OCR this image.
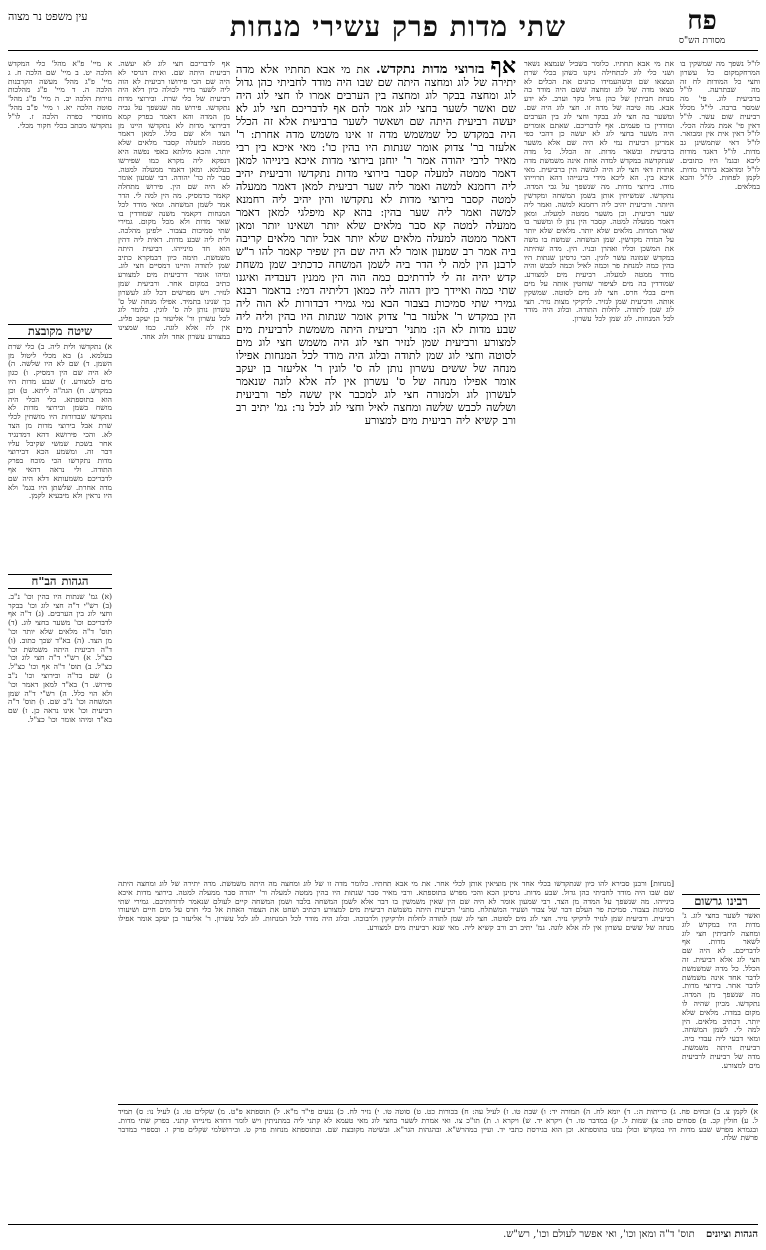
פח
מסורת הש"ס
שתי מדות פרק עשירי מנחות
עין משפט נר מצוה
אף בזרוצי מדות נתקדש. את מי אבא תחתיו אלא מדה יתירה של לוג ומחצה היתה שם שבו היה מודד לחביתי כהן גדול לוג ומחצה בבקר לוג ומחצה בין הערבים אמרו לו חצי לוג היה שם ואשר לשער בחצי לוג אמר להם אף לדבריכם חצי לוג לא יעשה רביעית היתה שם ושאשר לשער ברביעית אלא זה הכלל היה במקדש כל שמשמש מדה זו אינו משמש מדה אחרת: ר' אלעזר בר' צדוק אומר שנתות היו בהין כו': מאי איכא בין רבי מאיר לרבי יהודה אמר ר' יוחנן בירוצי מדות איכא בינייהו למאן דאמר ממטה למעלה קסבר בירוצי מדות נתקדשו ורביעית יהיב ליה רחמנא למשה ואמר ליה שער רביעית למאן דאמר ממעלה למטה קסבר בירוצי מדות לא נתקדשו והין יהיב ליה רחמנא למשה ואמר ליה שער בהין: בהא קא מיפלגי למאן דאמר ממעלה למטה קא סבר מלאים שלא יותר ושאינו יותר ומאן דאמר ממטה למעלה מלאים שלא יותר אבל יותר מלאים קריבה ביה אמר רב שמעון אומר לא היה שם הין שפיר קאמר להו ר"ש לרבנן הין למה לי הדר ביה לשמן המשחה כדכתיב שמן משחת קדש יהיה זה לי לדרתיכם כמה הוה הין ממנין דעבדיה ואיגנו שתי כמה ואיידך כיון דהוה ליה כמאן דליתיה דמי: בדאמר רבנא גמירי שתי סמיכות בצבור הבא נמי גמירי דבדורות לא הוה ליה הין במקדש ר' אלעזר בר' צדוק אומר שנתות היו בהין וליה ליה שבע מדות לא הן: מתני' רביעית היתה משמשת לרביעית מים למצורע ורביעית שמן לנזיר חצי לוג היה משמש חצי לוג מים לסוטה וחצי לוג שמן לתודה ובלוג היה מודד לכל המנחות אפילו מנחה של ששים עשרון נותן לה ס' לוגין ר' אליעזר בן יעקב אומר אפילו מנחה של ס' עשרון אין לה אלא לוגה שנאמר לעשרון לוג ולמנורה חצי לוג למכבר אין ששה לפר ורביעית ושלשה לכבש שלשה ומחצה לאיל וחצי לוג לכל נר: גמ' יתיב רב ורב קשיא ליה רביעית מים למצורע
את מי אבא תחתיו. כלומר בשביל שנמצא נשאר ושני כלי לוג לכתחילה ניקנו כשהן בכלי שרת ונמצאו שם וכשהעמידו כהנים את הכלים לא מצאו מדה של לוג ומחצה ששם היה מודד בה מנחת חביתין של כהן גדול בקר וערב. לא ידע אבא. מה טיבה של מדה זו. חצי לוג היה שם. ומשער בה חצי לוג בבקר וחצי לוג בין הערבים ומודדין בו פעמים. אף לדבריכם. שאתם אומרים היה משער בחצי לוג לא יעשה כן דהכי כפי אמרינן רביעית נמי לא היה שם אלא משער ברביעית ובשאר מדות. זה הכלל. כל מדה שנתקדשה במקדש למדה אחת אינה משמשת מדה אחרת דאי חצי לוג היה למשה הין ברביעית. מאי איכא בין. הא ליכא מידי ביננייהו דהא תרוייהו מודו. בירוצי מדות. מה שנשפך על גבי המדה. נתקדשו. שמשיחין אותן בשמן המשחה ומקדשין היותר. ורביעית יהיב ליה רחמנא למשה. ואמר ליה שער רביעית. וכן משער ממטה למעלה. ומאן דאמר ממעלה למטה. קסבר הין נתן לו ומשער בו שאר המדות. מלאים שלא יותר. מלאים שלא יותר על המדה מקדשין. שמן המשחה. שמשח בו משה את המשכן וכליו ואהרן ובניו. הין. מדה שהיתה במקדש שמונה עשר לוגין. הכי גרסינן שנתות היו בהין כמה למנחת פר וכמה לאיל וכמה לכבש והיה מודד ממטה למעלה. רביעית מים למצורע. שמודדין בה מים לציפור שוחטין אותה על מים חיים בכלי חרס. חצי לוג מים לסוטה. שמשקין אותה. ורביעית שמן לנזיר. לרקיקי מצות נזיר. חצי לוג שמן לתודה. לחלות התודה. ובלוג היה מודד לכל המנחות. לוג שמן לכל עשרון.
אף לדבריכם חצי לוג לא יעשה. רביעית היתה שם. ואית דגרסי לא היה שם הכי פירושו רביעית לא הוה ליה לשער מידי לכולה כיון דלא היה רביעית של כלי שרת. ובירוצי מדות נתקדשו. פירוש מה שנשפך על גביה מן המדה והא דאמר בפרק קמא דבירוצי מדות לא נתקדשו היינו מן הצד ולא שם כלל. למאן דאמר ממטה למעלה קסבר מלאים שלא יותר. והכא מילתא באפי נפשה היא דנפקא ליה מקרא כמו שפירשו בעלמא. ומאן דאמר ממעלה למטה. סבר לה כר' יהודה. רבי שמעון אומר לא היה שם הין. פירוש מתחלה קאמר כדמסיק. מה הין למה לי. הדר אמר לשמן המשחה. ומאי מודד לכל המנחות דקאמר משנה שמודדין בו שאר מדות ולא מכל מקום. גמירי שתי סמיכות בצבור. ילפינן מהלכה. ולית ליה שבע מדות. דאית ליה דהין הוא חד מינייהו. רביעית היתה משמשת. תימה כיון דבמקרא כתיב שמן לתודה והיינו דמסיים חצי לוג. ומיהו אומר דרביעית מים למצורע כתיב במקום אחר. ורביעית שמן לנזיר. ויש מפרשים דכל לוג לעשרון כך שנינו בתמיד. אפילו מנחה של ס' עשרון נותן לה ס' לוגין. כלומר לוג לכל עשרון ור' אליעזר בן יעקב פליג. אין לה אלא לוגה. כמו שמצינו במצורע עשרון אחד ולוג אחד.
לו"ל נשפך מה שמשקין בו המרחקמקום כל עשרון וחצי כל המודות לח זה מה שבתרעה. לו"ל ברביעית לוג. פי' מה שמסר ברבה. לי"ל מכלל רביעית שום עשר. לו"ל דאין פי' אמת מגלה הכלי. לו"ל דאין אית אין ומבואר. לו"ל דאי שתמשינן גב מדות. לו"ל דאגד מודות ליכא ובגמ' היו כתובים. לו"ל ומדאבא ביותר מדות. לקמן לפחות. לו"ל והכא במלאים.
א מיי' פ"א מהל' כלי המקדש הלכה יט. ב מיי' שם הלכה ח. ג מיי' פ"ג מהל' מעשה הקרבנות הלכה ה. ד מיי' פ"ג מהלכות נזירות הלכה יב. ה מיי' פ"ג מהל' סוטה הלכה יא. ו מיי' פ"ב מהל' מחוסרי כפרה הלכה ז. לו"ל נתקדשו מכתב בכלי חקור מכלי.
שיטה מקובצת
א) נתקדשו ולית ליה. ב) כלי שרת בעלמא. ג) בא מכלי ליטול מן השמן. ד) שם לא היו שלשה. ה) לא היה שם הין דמסיק. ו) כגון מים למצורע. ז) שבע מדות היו במקדש. ח) הגה"ה ליתא. ט) וכן הוא בתוספתא. כלי הכלי היה מושח בשמן ובירוצי מדות לא נתקדשו שבדורות היו מושחין לכלי שרת אבל בירוצי מדות מן הצד לא. והכי פירושא דהא דמדנגיד אחר בשכת שמשי שקיבל עליו דבר זה. ומשמע הכא דבירוצי מדות נתקדשו הכי מוכח בפרק התודה. ולי נראה דהאי אף לדבריכם משמעותא דלא היה שם מדה אחרת. שלשתן היו בגמ' ולא היו נראין ולא מיבעיא לקמן.
הגהות הב"ח
(א) גמ' שנתות היו בהין וכו' נ"ב. (ב) רש"י ד"ה חצי לוג וכו' בבקר וחצי לוג בין הערבים. (ג) ד"ה אף לדבריכם וכו' משער בחצי לוג. (ד) תוס' ד"ה מלאים שלא יותר וכו' מן הצד. (ה) בא"ד שכך כתוב. (ו) ד"ה רביעית היתה משמשת וכו' כצ"ל. א) רש"י ד"ה חצי לוג וכו' כצ"ל. ב) תוס' ד"ה אף וכו' כצ"ל. ג) שם בד"ה ובירוצי וכו' נ"ב פירוש. ד) בא"ד למאן דאמר וכו' ולא הוי כלל. ה) רש"י ד"ה שמן המשחה וכו' נ"ב שם. ו) תוס' ד"ה רביעית וכו' אינו נראה כן. ז) שם בא"ד ומיהו אומר וכו' כצ"ל.
רבינו גרשום
ואשר לשער בחצי לוג. ג' מדות היו במקדש לוג ומחצה לחביתין חצי לוג לשאר מדות. אף לדבריכם. לא היה שם חצי לוג אלא רביעית. זה הכלל. כל מדה שמשמשת לדבר אחד אינה משמשת לדבר אחר. בירוצי מדות. מה שנשפך מן המדה. נתקדשו. מכיון שהיה לו מקום במדה. מלאים שלא יותר. דכתיב מלאים. הין למה לי. לשמן המשחה. ומאי דבעי ליה עבדי ביה. רביעית היתה משמשת. מדה של רביעית לרביעית מים למצורע.
[מנחות] ורבנן סבירא להו כיון שנתקדשו בכלי אחד אין מוציאין אותן לכלי אחר. את מי אבא תחתיו. כלומר מדה זו של לוג ומחצה מה היתה משמשת. מדה יתירה של לוג ומחצה היתה שם שבו היה מודד לחביתי כהן גדול. שבע מדות. גרסינן הכא והכי מפרש בתוספתא. ורבי מאיר סבר שנתות היו בהין ממטה למעלה ור' יהודה סבר ממעלה למטה. בירוצי מדות איכא בינייהו. מה שנשפך על המדה מן הצד. רבי שמעון אומר לא היה שם הין שאין משמשין בו דבר אלא לשמן המשחה בלבד ושמן המשחה קיים לעולם שנאמר לדורותיכם. גמירי שתי סמיכות בצבור. סמיכת פר העלם דבר של צבור ושעיר המשתלח. מתני' רביעית היתה משמשת רביעית מים למצורע דכתיב ושחט את הצפור האחת אל כלי חרס על מים חיים ושיעורו רביעית. ורביעית שמן לנזיר לרקיקי נזיר. חצי לוג מים לסוטה. חצי לוג שמן לתודה לחלות ולרקיקין ולרבוכה. ובלוג היה מודד לכל המנחות. לוג לכל עשרון. ר' אליעזר בן יעקב אומר אפילו מנחה של ששים עשרון אין לה אלא לוגה. גמ' יתיב רב ורב קשיא ליה. מאי שנא רביעית מים למצורע.
א) לקמן צ. ב) זבחים פח. ג) כריתות ה:. ד) יומא לח. ה) תמורה יד: ו) שבת טו. ז) לעיל עה: ח) בכורות כט. ט) סוטה טו. י) נזיר לח. כ) נגעים פי"ד מ"א. ל) תוספתא פ"ט. מ) שקלים טו. נ) לעיל נו: ס) תמיד ל. ע) חולין קכ. פ) פסחים סה: צ) שמות ל. ק) במדבר טו. ר) ויקרא יד. ש) ויקרא ו. ת) תו"כ צו. ואי אמרת לשער בחצי לוג מאי טעמא לא קתני ליה במתניתין ויש לומר דחדא מינייהו קתני. בפרק שתי מדות. ובגמרא מפרש שבע מדות היו במקדש וכולן נמנו בתוספתא. וכן הוא בגירסת כתבי יד. ועיין במהרש"א. ובהגהות הגר"א. ובשיטה מקובצת שם. ובתוספתא מנחות פרק ט. ובירושלמי שקלים פרק ו. ובספרי במדבר פרשת שלח.
הגהות וציונים תוס' ד"ה ומאן וכו', ואי אפשר לעולם וכו', רש"ש.
